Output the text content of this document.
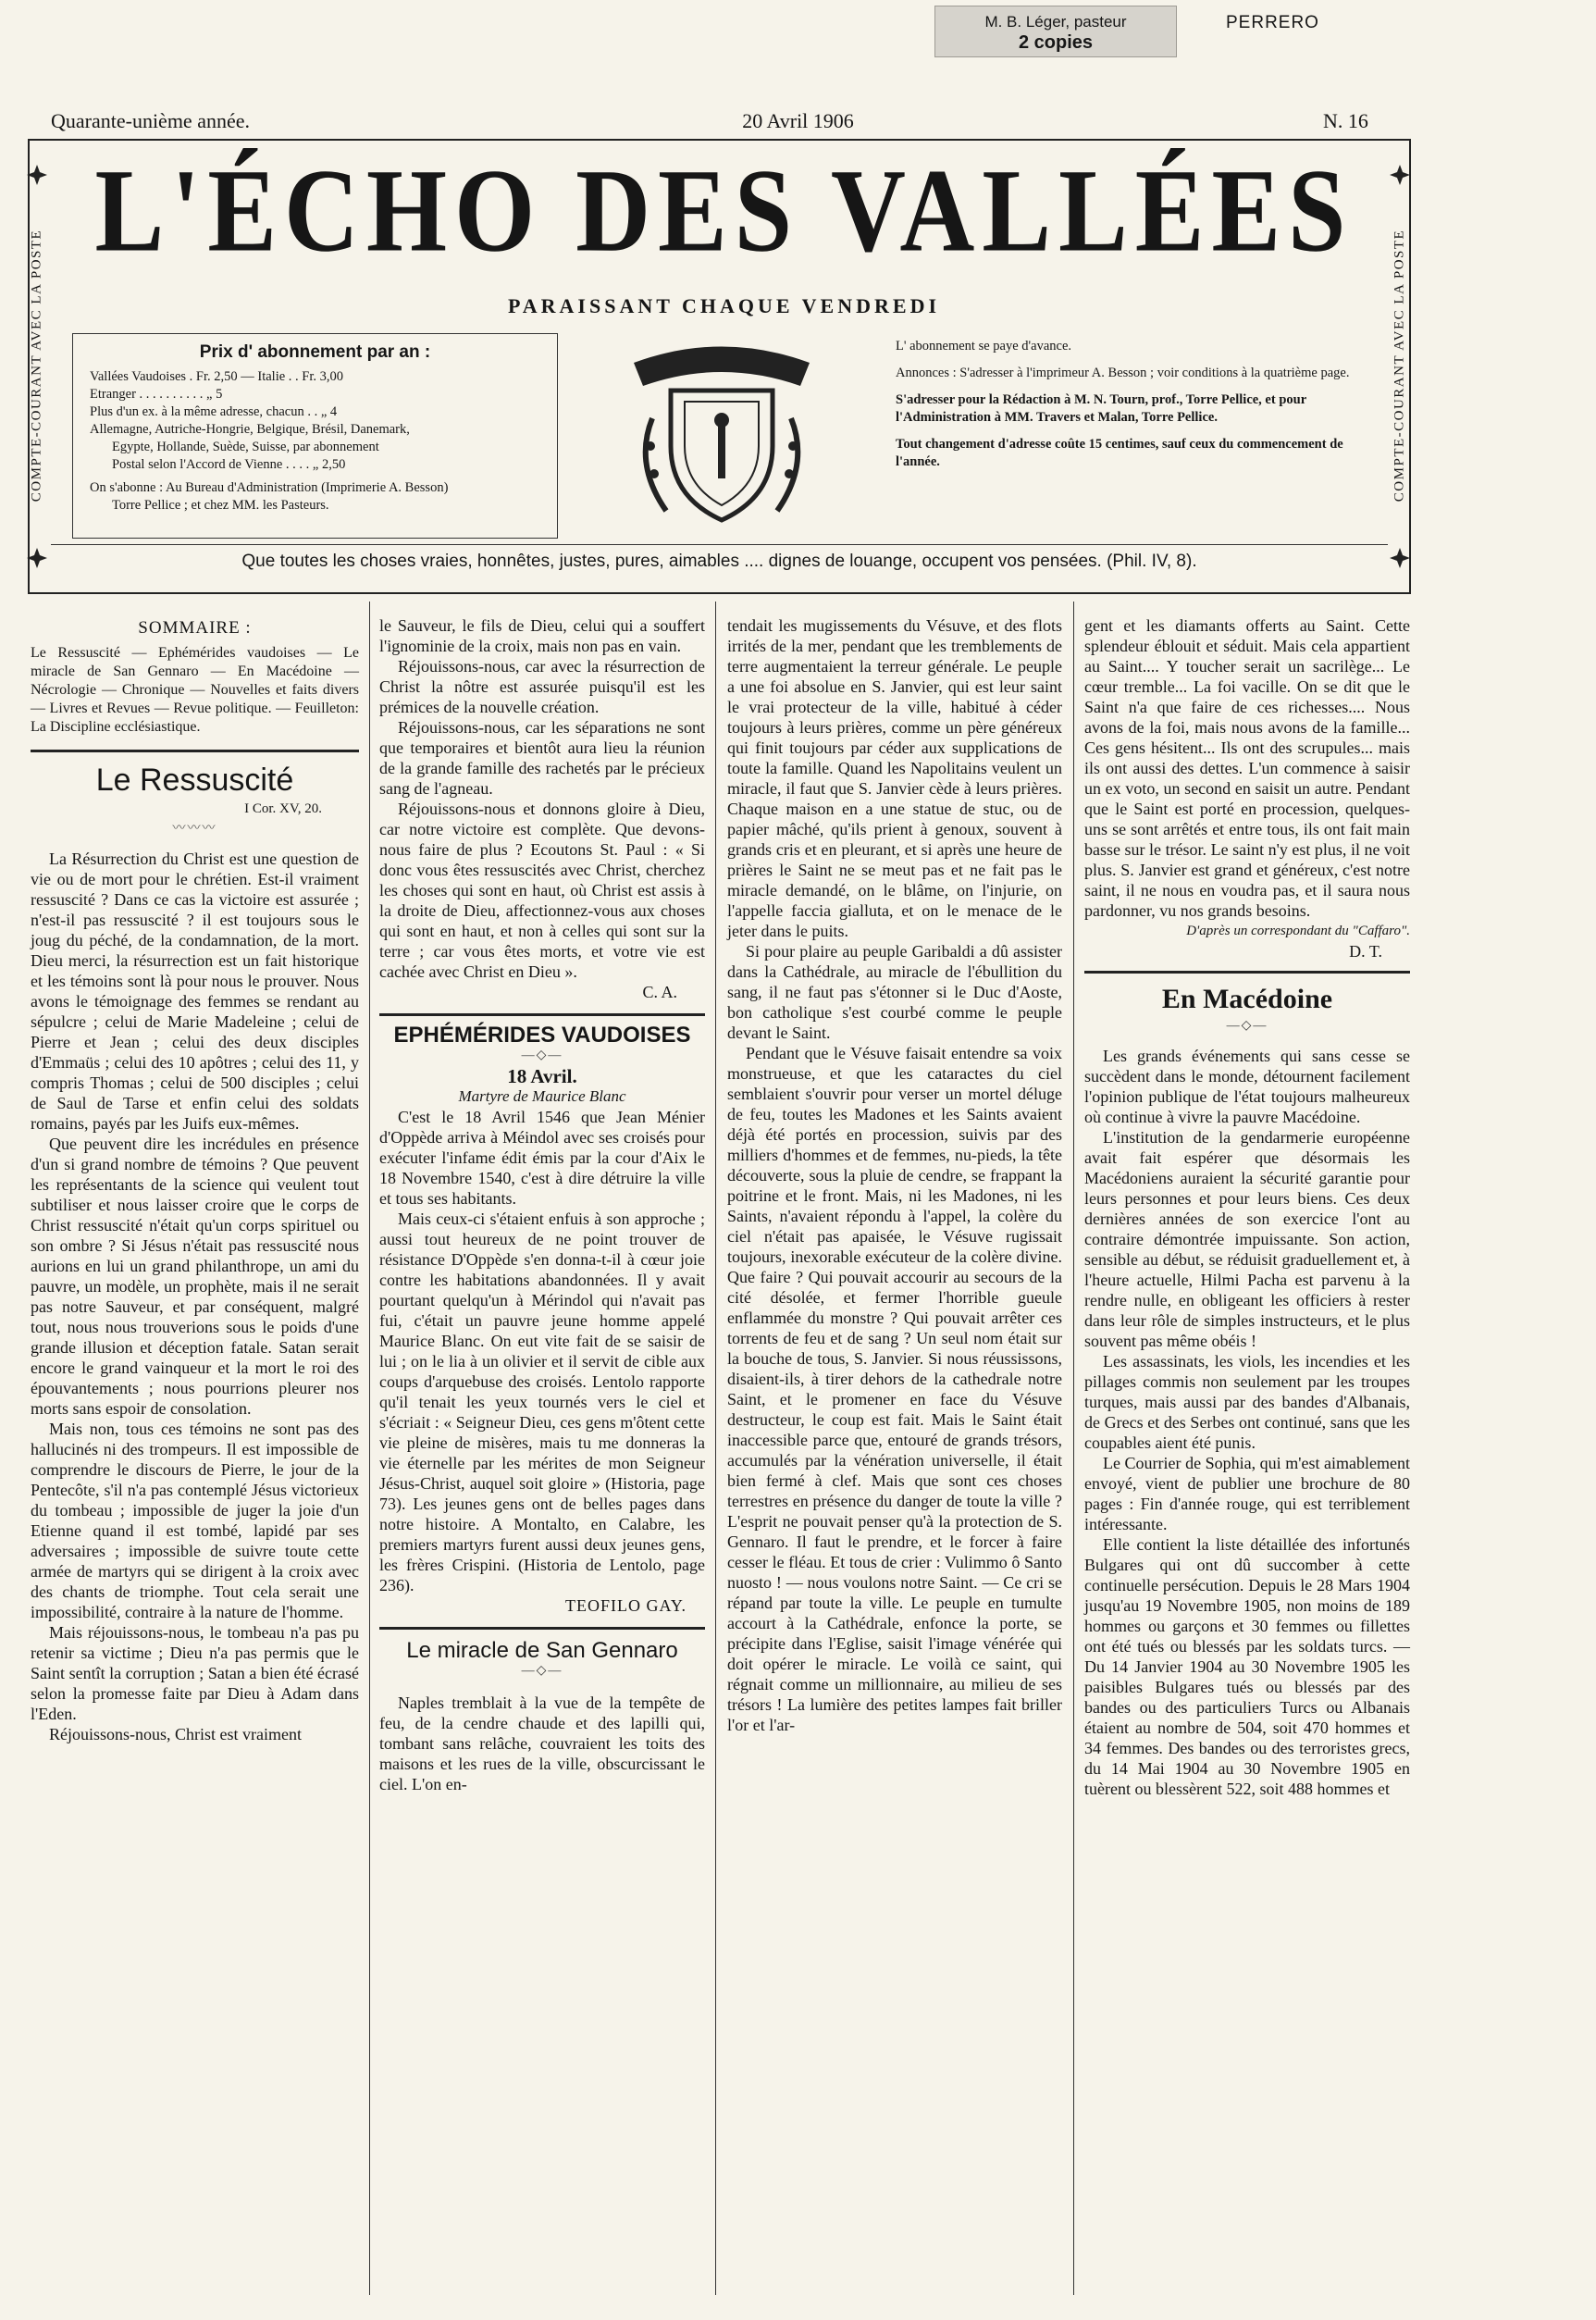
M. B. Léger, pasteur
2 copies
PERRERO
Quarante-unième année.	20 Avril 1906	N. 16
COMPTE-COURANT AVEC LA POSTE	COMPTE-COURANT AVEC LA POSTE
L'ÉCHO DES VALLÉES
PARAISSANT CHAQUE VENDREDI
Prix d' abonnement par an :
Vallées Vaudoises . Fr. 2,50 — Italie . . Fr. 3,00
Etranger . . . . . . . . . . „ 5
Plus d'un ex. à la même adresse, chacun . . „ 4
Allemagne, Autriche-Hongrie, Belgique, Brésil, Danemark,
Egypte, Hollande, Suède, Suisse, par abonnement
Postal selon l'Accord de Vienne . . . . „ 2,50
On s'abonne : Au Bureau d'Administration (Imprimerie A. Besson)
Torre Pellice ; et chez MM. les Pasteurs.

L' abonnement se paye d'avance.

Annonces : S'adresser à l'imprimeur A. Besson ; voir conditions à la quatrième page.

S'adresser pour la Rédaction à M. N. Tourn, prof., Torre Pellice, et pour l'Administration à MM. Travers et Malan, Torre Pellice.

Tout changement d'adresse coûte 15 centimes, sauf ceux du commencement de l'année.

Que toutes les choses vraies, honnêtes, justes, pures, aimables .... dignes de louange, occupent vos pensées. (Phil. IV, 8).
SOMMAIRE :
Le Ressuscité — Ephémérides vaudoises — Le miracle de San Gennaro — En Macédoine — Nécrologie — Chronique — Nouvelles et faits divers — Livres et Revues — Revue politique. — Feuilleton: La Discipline ecclésiastique.
Le Ressuscité
I Cor. XV, 20.
〰〰〰

La Résurrection du Christ est une question de vie ou de mort pour le chrétien. Est-il vraiment ressuscité ? Dans ce cas la victoire est assurée ; n'est-il pas ressuscité ? il est toujours sous le joug du péché, de la condamnation, de la mort. Dieu merci, la résurrection est un fait historique et les témoins sont là pour nous le prouver. Nous avons le témoignage des femmes se rendant au sépulcre ; celui de Marie Madeleine ; celui de Pierre et Jean ; celui des deux disciples d'Emmaüs ; celui des 10 apôtres ; celui des 11, y compris Thomas ; celui de 500 disciples ; celui de Saul de Tarse et enfin celui des soldats romains, payés par les Juifs eux-mêmes.

Que peuvent dire les incrédules en présence d'un si grand nombre de témoins ? Que peuvent les représentants de la science qui veulent tout subtiliser et nous laisser croire que le corps de Christ ressuscité n'était qu'un corps spirituel ou son ombre ? Si Jésus n'était pas ressuscité nous aurions en lui un grand philanthrope, un ami du pauvre, un modèle, un prophète, mais il ne serait pas notre Sauveur, et par conséquent, malgré tout, nous nous trouverions sous le poids d'une grande illusion et déception fatale. Satan serait encore le grand vainqueur et la mort le roi des épouvantements ; nous pourrions pleurer nos morts sans espoir de consolation.

Mais non, tous ces témoins ne sont pas des hallucinés ni des trompeurs. Il est impossible de comprendre le discours de Pierre, le jour de la Pentecôte, s'il n'a pas contemplé Jésus victorieux du tombeau ; impossible de juger la joie d'un Etienne quand il est tombé, lapidé par ses adversaires ; impossible de suivre toute cette armée de martyrs qui se dirigent à la croix avec des chants de triomphe. Tout cela serait une impossibilité, contraire à la nature de l'homme.

Mais réjouissons-nous, le tombeau n'a pas pu retenir sa victime ; Dieu n'a pas permis que le Saint sentît la corruption ; Satan a bien été écrasé selon la promesse faite par Dieu à Adam dans l'Eden.

Réjouissons-nous, Christ est vraiment

le Sauveur, le fils de Dieu, celui qui a souffert l'ignominie de la croix, mais non pas en vain.

Réjouissons-nous, car avec la résurrection de Christ la nôtre est assurée puisqu'il est les prémices de la nouvelle création.

Réjouissons-nous, car les séparations ne sont que temporaires et bientôt aura lieu la réunion de la grande famille des rachetés par le précieux sang de l'agneau.

Réjouissons-nous et donnons gloire à Dieu, car notre victoire est complète. Que devons-nous faire de plus ? Ecoutons St. Paul : « Si donc vous êtes ressuscités avec Christ, cherchez les choses qui sont en haut, où Christ est assis à la droite de Dieu, affectionnez-vous aux choses qui sont en haut, et non à celles qui sont sur la terre ; car vous êtes morts, et votre vie est cachée avec Christ en Dieu ».

C. A.
EPHÉMÉRIDES VAUDOISES
—◇—
18 Avril.
Martyre de Maurice Blanc

C'est le 18 Avril 1546 que Jean Ménier d'Oppède arriva à Méindol avec ses croisés pour exécuter l'infame édit émis par la cour d'Aix le 18 Novembre 1540, c'est à dire détruire la ville et tous ses habitants.

Mais ceux-ci s'étaient enfuis à son approche ; aussi tout heureux de ne point trouver de résistance D'Oppède s'en donna-t-il à cœur joie contre les habitations abandonnées. Il y avait pourtant quelqu'un à Mérindol qui n'avait pas fui, c'était un pauvre jeune homme appelé Maurice Blanc. On eut vite fait de se saisir de lui ; on le lia à un olivier et il servit de cible aux coups d'arquebuse des croisés. Lentolo rapporte qu'il tenait les yeux tournés vers le ciel et s'écriait : « Seigneur Dieu, ces gens m'ôtent cette vie pleine de misères, mais tu me donneras la vie éternelle par les mérites de mon Seigneur Jésus-Christ, auquel soit gloire » (Historia, page 73). Les jeunes gens ont de belles pages dans notre histoire. A Montalto, en Calabre, les premiers martyrs furent aussi deux jeunes gens, les frères Crispini. (Historia de Lentolo, page 236).

TEOFILO GAY.
Le miracle de San Gennaro
—◇—

Naples tremblait à la vue de la tempête de feu, de la cendre chaude et des lapilli qui, tombant sans relâche, couvraient les toits des maisons et les rues de la ville, obscurcissant le ciel. L'on en-

tendait les mugissements du Vésuve, et des flots irrités de la mer, pendant que les tremblements de terre augmentaient la terreur générale. Le peuple a une foi absolue en S. Janvier, qui est leur saint le vrai protecteur de la ville, habitué à céder toujours à leurs prières, comme un père généreux qui finit toujours par céder aux supplications de toute la famille. Quand les Napolitains veulent un miracle, il faut que S. Janvier cède à leurs prières. Chaque maison en a une statue de stuc, ou de papier mâché, qu'ils prient à genoux, souvent à grands cris et en pleurant, et si après une heure de prières le Saint ne se meut pas et ne fait pas le miracle demandé, on le blâme, on l'injurie, on l'appelle faccia gialluta, et on le menace de le jeter dans le puits.

Si pour plaire au peuple Garibaldi a dû assister dans la Cathédrale, au miracle de l'ébullition du sang, il ne faut pas s'étonner si le Duc d'Aoste, bon catholique s'est courbé comme le peuple devant le Saint.

Pendant que le Vésuve faisait entendre sa voix monstrueuse, et que les cataractes du ciel semblaient s'ouvrir pour verser un mortel déluge de feu, toutes les Madones et les Saints avaient déjà été portés en procession, suivis par des milliers d'hommes et de femmes, nu-pieds, la tête découverte, sous la pluie de cendre, se frappant la poitrine et le front. Mais, ni les Madones, ni les Saints, n'avaient répondu à l'appel, la colère du ciel n'était pas apaisée, le Vésuve rugissait toujours, inexorable exécuteur de la colère divine. Que faire ? Qui pouvait accourir au secours de la cité désolée, et fermer l'horrible gueule enflammée du monstre ? Qui pouvait arrêter ces torrents de feu et de sang ? Un seul nom était sur la bouche de tous, S. Janvier. Si nous réussissons, disaient-ils, à tirer dehors de la cathedrale notre Saint, et le promener en face du Vésuve destructeur, le coup est fait. Mais le Saint était inaccessible parce que, entouré de grands trésors, accumulés par la vénération universelle, il était bien fermé à clef. Mais que sont ces choses terrestres en présence du danger de toute la ville ? L'esprit ne pouvait penser qu'à la protection de S. Gennaro. Il faut le prendre, et le forcer à faire cesser le fléau. Et tous de crier : Vulimmo ô Santo nuosto ! — nous voulons notre Saint. — Ce cri se répand par toute la ville. Le peuple en tumulte accourt à la Cathédrale, enfonce la porte, se précipite dans l'Eglise, saisit l'image vénérée qui doit opérer le miracle. Le voilà ce saint, qui régnait comme un millionnaire, au milieu de ses trésors ! La lumière des petites lampes fait briller l'or et l'ar-

gent et les diamants offerts au Saint. Cette splendeur éblouit et séduit. Mais cela appartient au Saint.... Y toucher serait un sacrilège... Le cœur tremble... La foi vacille. On se dit que le Saint n'a que faire de ces richesses.... Nous avons de la foi, mais nous avons de la famille... Ces gens hésitent... Ils ont des scrupules... mais ils ont aussi des dettes. L'un commence à saisir un ex voto, un second en saisit un autre. Pendant que le Saint est porté en procession, quelques-uns se sont arrêtés et entre tous, ils ont fait main basse sur le trésor. Le saint n'y est plus, il ne voit plus. S. Janvier est grand et généreux, c'est notre saint, il ne nous en voudra pas, et il saura nous pardonner, vu nos grands besoins.

D'après un correspondant du "Caffaro".
D. T.
En Macédoine
—◇—

Les grands événements qui sans cesse se succèdent dans le monde, détournent facilement l'opinion publique de l'état toujours malheureux où continue à vivre la pauvre Macédoine.

L'institution de la gendarmerie européenne avait fait espérer que désormais les Macédoniens auraient la sécurité garantie pour leurs personnes et pour leurs biens. Ces deux dernières années de son exercice l'ont au contraire démontrée impuissante. Son action, sensible au début, se réduisit graduellement et, à l'heure actuelle, Hilmi Pacha est parvenu à la rendre nulle, en obligeant les officiers à rester dans leur rôle de simples instructeurs, et le plus souvent pas même obéis !

Les assassinats, les viols, les incendies et les pillages commis non seulement par les troupes turques, mais aussi par des bandes d'Albanais, de Grecs et des Serbes ont continué, sans que les coupables aient été punis.

Le Courrier de Sophia, qui m'est aimablement envoyé, vient de publier une brochure de 80 pages : Fin d'année rouge, qui est terriblement intéressante.

Elle contient la liste détaillée des infortunés Bulgares qui ont dû succomber à cette continuelle persécution. Depuis le 28 Mars 1904 jusqu'au 19 Novembre 1905, non moins de 189 hommes ou garçons et 30 femmes ou fillettes ont été tués ou blessés par les soldats turcs. — Du 14 Janvier 1904 au 30 Novembre 1905 les paisibles Bulgares tués ou blessés par des bandes ou des particuliers Turcs ou Albanais étaient au nombre de 504, soit 470 hommes et 34 femmes. Des bandes ou des terroristes grecs, du 14 Mai 1904 au 30 Novembre 1905 en tuèrent ou blessèrent 522, soit 488 hommes et
